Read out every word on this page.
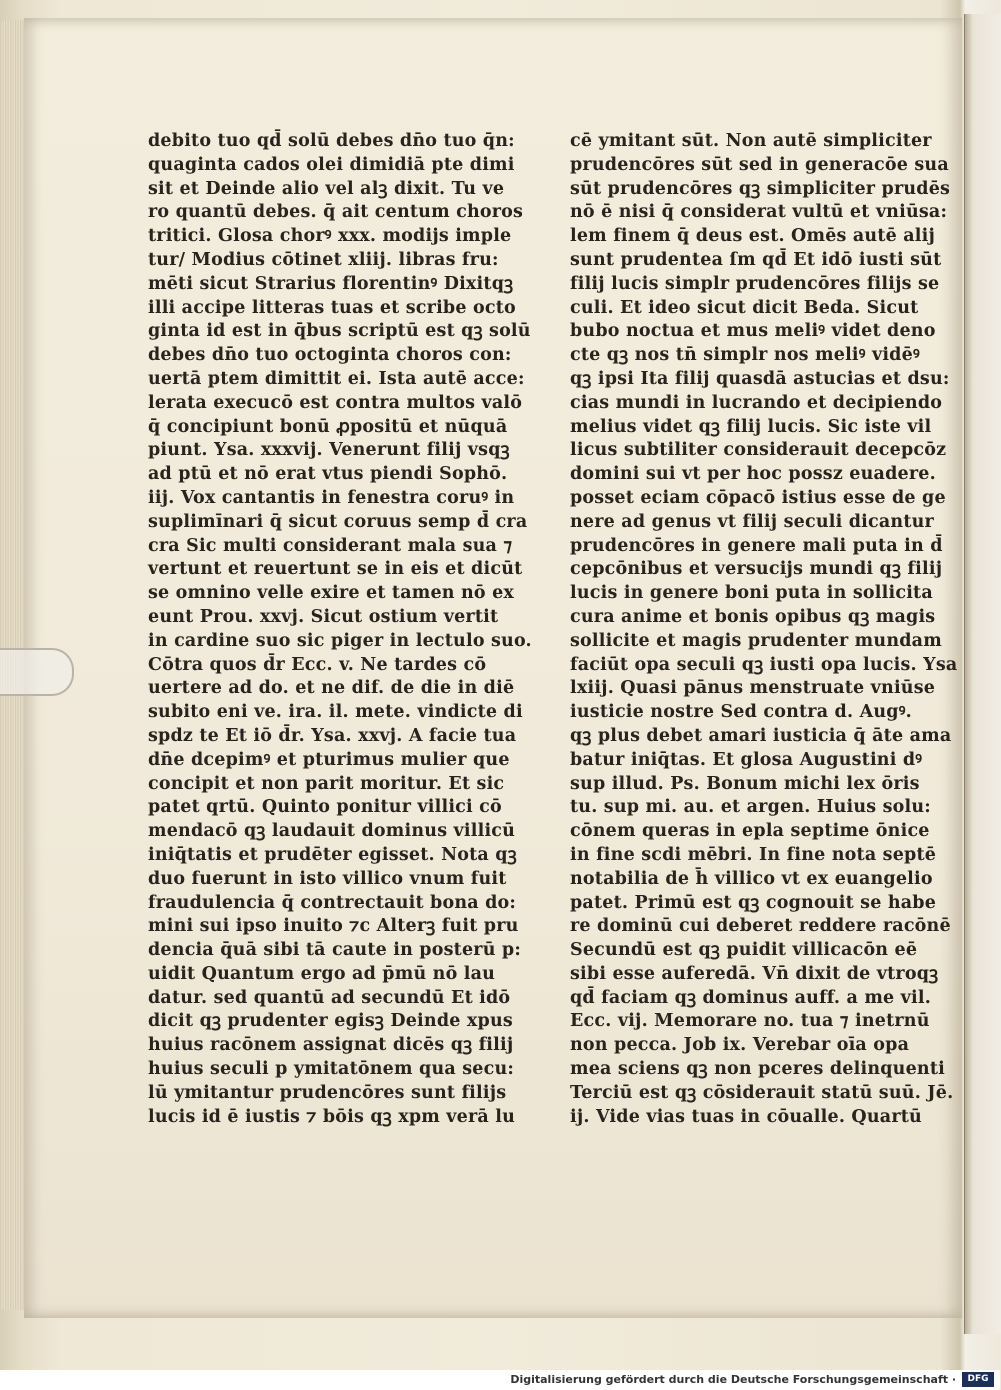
debito tuo qd̄ solū debes dn̄o tuo q̄n:
quaginta cados olei dimidiā pte dimi
sit et Deinde alio vel alꝫ dixit. Tu ve
ro quantū debes. q̄ ait centum choros
tritici. Glosa chorꝰ xxx. modijs imple
tur/ Modius cōtinet xliij. libras fru:
mēti sicut Strarius florentinꝰ Dixitqꝫ
illi accipe litteras tuas et scribe octo
ginta id est in q̄bus scriptū est qꝫ solū
debes dn̄o tuo octoginta choros con:
uertā ptem dimittit ei. Ista autē acce:
lerata execucō est contra multos valō
q̄ concipiunt bonū ꝓpositū et nūquā
piunt. Ysa. xxxvij. Venerunt filij vsqꝫ
ad ptū et nō erat vtus piendi Sophō.
iij. Vox cantantis in fenestra coruꝰ in
suplimīnari q̄ sicut coruus semp d̄ cra
cra Sic multi considerant mala sua ⁊
vertunt et reuertunt se in eis et dicūt
se omnino velle exire et tamen nō ex
eunt Prou. xxvj. Sicut ostium vertit
in cardine suo sic piger in lectulo suo.
Cōtra quos d̄r Ecc. v. Ne tardes cō
uertere ad do. et ne dif. de die in diē
subito eni ve. ira. il. mete. vindicte di
spdz te Et iō d̄r. Ysa. xxvj. A facie tua
dn̄e dcepimꝰ et pturimus mulier que
concipit et non parit moritur. Et sic
patet qrtū. Quinto ponitur villici cō
mendacō qꝫ laudauit dominus villicū
iniq̄tatis et prudēter egisset. Nota qꝫ
duo fuerunt in isto villico vnum fuit
fraudulencia q̄ contrectauit bona do:
mini sui ipso inuito ⁊c Alterꝫ fuit pru
dencia q̄uā sibi tā caute in posterū p:
uidit Quantum ergo ad p̄mū nō lau
datur. sed quantū ad secundū Et idō
dicit qꝫ prudenter egisꝫ Deinde xpus
huius racōnem assignat dicēs qꝫ filij
huius seculi p ymitatōnem qua secu:
lū ymitantur prudencōres sunt filijs
lucis id ē iustis ⁊ bōis qꝫ xpm verā lu
cē ymitant sūt. Non autē simpliciter
prudencōres sūt sed in generacōe sua
sūt prudencōres qꝫ simpliciter prudēs
nō ē nisi q̄ considerat vultū et vniūsa:
lem finem q̄ deus est. Omēs autē alij
sunt prudentea ſm qd̄ Et idō iusti sūt
filij lucis simplr prudencōres filijs se
culi. Et ideo sicut dicit Beda. Sicut
bubo noctua et mus meliꝰ videt deno
cte qꝫ nos tn̄ simplr nos meliꝰ vidēꝰ
qꝫ ipsi Ita filij quasdā astucias et dsu:
cias mundi in lucrando et decipiendo
melius videt qꝫ filij lucis. Sic iste vil
licus subtiliter considerauit decepcōz
domini sui vt per hoc possz euadere.
posset eciam cōpacō istius esse de ge
nere ad genus vt filij seculi dicantur
prudencōres in genere mali puta in d̄
cepcōnibus et versucijs mundi qꝫ filij
lucis in genere boni puta in sollicita
cura anime et bonis opibus qꝫ magis
sollicite et magis prudenter mundam
faciūt opa seculi qꝫ iusti opa lucis. Ysa
lxiij. Quasi pānus menstruate vniūse
iusticie nostre Sed contra d. Augꝰ.
qꝫ plus debet amari iusticia q̄ āte ama
batur iniq̄tas. Et glosa Augustini dꝰ
sup illud. Ps. Bonum michi lex ōris
tu. sup mi. au. et argen. Huius solu:
cōnem queras in epla septime ōnice
in fine scdi mēbri. In fine nota septē
notabilia de h̄ villico vt ex euangelio
patet. Primū est qꝫ cognouit se habe
re dominū cui deberet reddere racōnē
Secundū est qꝫ puidit villicacōn eē
sibi esse auferedā. Vn̄ dixit de vtroqꝫ
qd̄ faciam qꝫ dominus auff. a me vil.
Ecc. vij. Memorare no. tua ⁊ inetrnū
non pecca. Job ix. Verebar oīa opa
mea sciens qꝫ non pceres delinquenti
Terciū est qꝫ cōsiderauit statū suū. Jē.
ij. Vide vias tuas in cōualle. Quartū
Digitalisierung gefördert durch die Deutsche Forschungsgemeinschaft ·	DFG
